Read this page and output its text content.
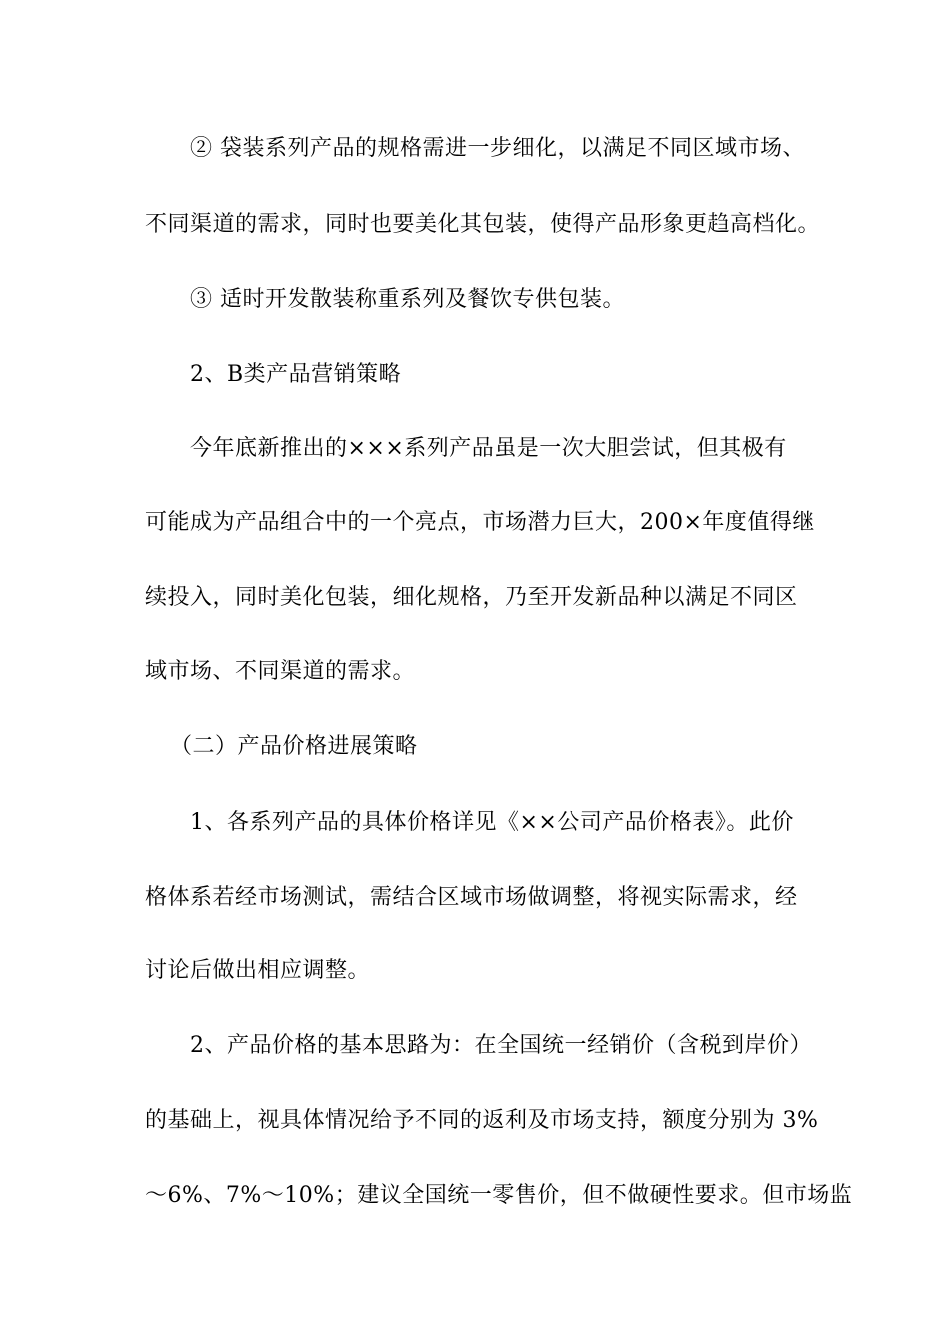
② 袋装系列产品的规格需进一步细化，以满足不同区域市场、
不同渠道的需求，同时也要美化其包装，使得产品形象更趋高档化。
③ 适时开发散装称重系列及餐饮专供包装。
2、B类产品营销策略
今年底新推出的×××系列产品虽是一次大胆尝试，但其极有
可能成为产品组合中的一个亮点，市场潜力巨大，200×年度值得继
续投入，同时美化包装，细化规格，乃至开发新品种以满足不同区
域市场、不同渠道的需求。
（二）产品价格进展策略
1、各系列产品的具体价格详见《××公司产品价格表》。此价
格体系若经市场测试，需结合区域市场做调整，将视实际需求，经
讨论后做出相应调整。
2、产品价格的基本思路为：在全国统一经销价（含税到岸价）
的基础上，视具体情况给予不同的返利及市场支持，额度分别为 3%
～6%、7%～10%；建议全国统一零售价，但不做硬性要求。但市场监
